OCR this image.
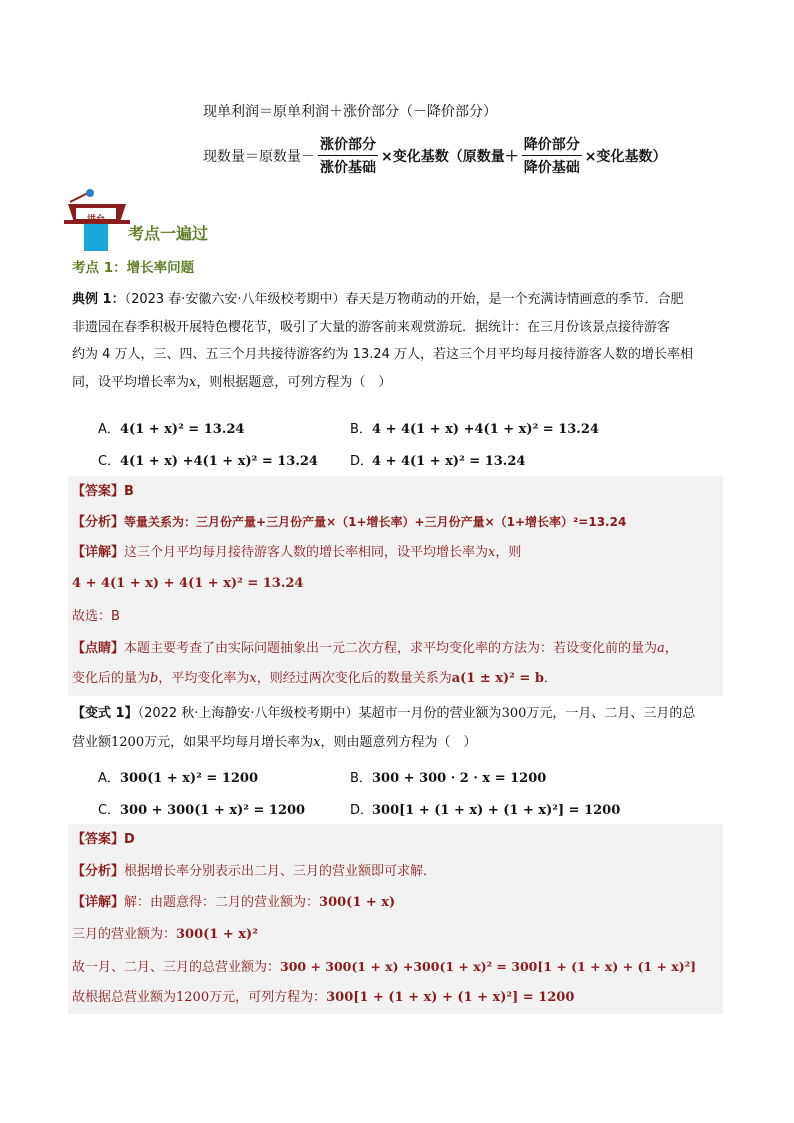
现单利润＝原单利润＋涨价部分（－降价部分）
现数量＝原数量－ $\frac{\text{涨价部分}}{\text{涨价基础}}$ ×变化基数（原数量＋ $\frac{\text{降价部分}}{\text{降价基础}}$ ×变化基数）
讲台
考点一遍过
考点 1：增长率问题
典例 1：（2023 春·安徽六安·八年级校考期中）春天是万物萌动的开始，是一个充满诗情画意的季节．合肥
非遗园在春季积极开展特色樱花节，吸引了大量的游客前来观赏游玩．据统计：在三月份该景点接待游客
约为 4 万人，三、四、五三个月共接待游客约为 13.24 万人，若这三个月平均每月接待游客人数的增长率相
同，设平均增长率为x，则根据题意，可列方程为（　）
A．4(1 + x)² = 13.24	B．4 + 4(1 + x) +4(1 + x)² = 13.24
C．4(1 + x) +4(1 + x)² = 13.24 D．4 + 4(1 + x)² = 13.24
【答案】B
【分析】等量关系为：三月份产量+三月份产量×（1+增长率）+三月份产量×（1+增长率）²=13.24
【详解】这三个月平均每月接待游客人数的增长率相同，设平均增长率为x，则
4 + 4(1 + x) + 4(1 + x)² = 13.24
故选：B
【点睛】本题主要考查了由实际问题抽象出一元二次方程，求平均变化率的方法为：若设变化前的量为a，
变化后的量为b，平均变化率为x，则经过两次变化后的数量关系为a(1 ± x)² = b．
【变式 1】（2022 秋·上海静安·八年级校考期中）某超市一月份的营业额为300万元，一月、二月、三月的总
营业额1200万元，如果平均每月增长率为x，则由题意列方程为（　）
A．300(1 + x)² = 1200	B．300 + 300 · 2 · x = 1200
C．300 + 300(1 + x)² = 1200	D．300[1 + (1 + x) + (1 + x)²] = 1200
【答案】D
【分析】根据增长率分别表示出二月、三月的营业额即可求解．
【详解】解：由题意得：二月的营业额为：300(1 + x)
三月的营业额为：300(1 + x)²
故一月、二月、三月的总营业额为：300 + 300(1 + x) +300(1 + x)² = 300[1 + (1 + x) + (1 + x)²]
故根据总营业额为1200万元，可列方程为：300[1 + (1 + x) + (1 + x)²] = 1200
